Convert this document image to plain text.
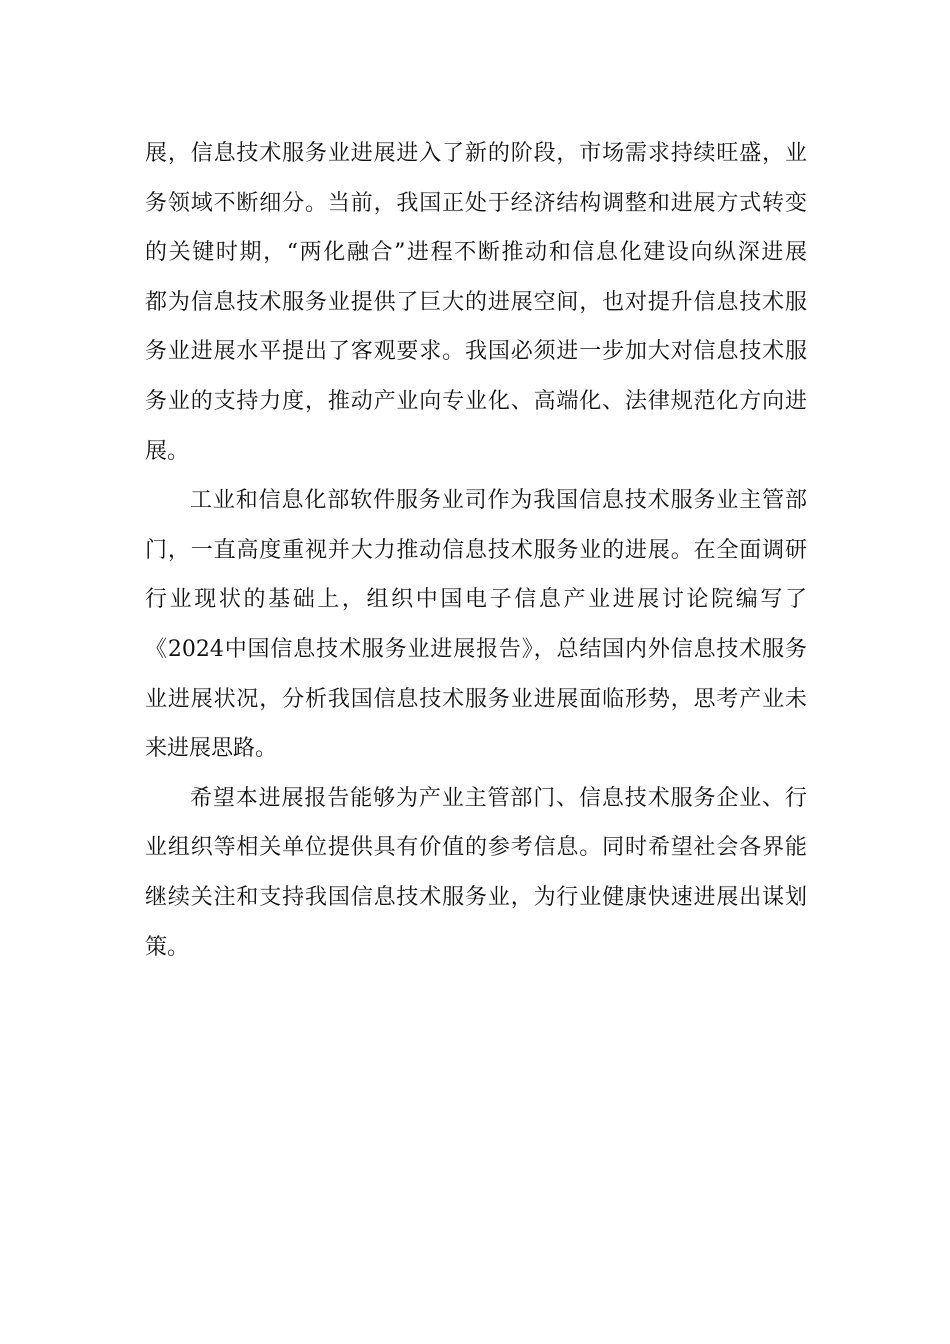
展，信息技术服务业进展进入了新的阶段，市场需求持续旺盛，业
务领域不断细分。当前，我国正处于经济结构调整和进展方式转变
的关键时期，“两化融合”进程不断推动和信息化建设向纵深进展
都为信息技术服务业提供了巨大的进展空间，也对提升信息技术服
务业进展水平提出了客观要求。我国必须进一步加大对信息技术服
务业的支持力度，推动产业向专业化、高端化、法律规范化方向进
展。
工业和信息化部软件服务业司作为我国信息技术服务业主管部
门，一直高度重视并大力推动信息技术服务业的进展。在全面调研
行业现状的基础上，组织中国电子信息产业进展讨论院编写了
《2024中国信息技术服务业进展报告》，总结国内外信息技术服务
业进展状况，分析我国信息技术服务业进展面临形势，思考产业未
来进展思路。
希望本进展报告能够为产业主管部门、信息技术服务企业、行
业组织等相关单位提供具有价值的参考信息。同时希望社会各界能
继续关注和支持我国信息技术服务业，为行业健康快速进展出谋划
策。
